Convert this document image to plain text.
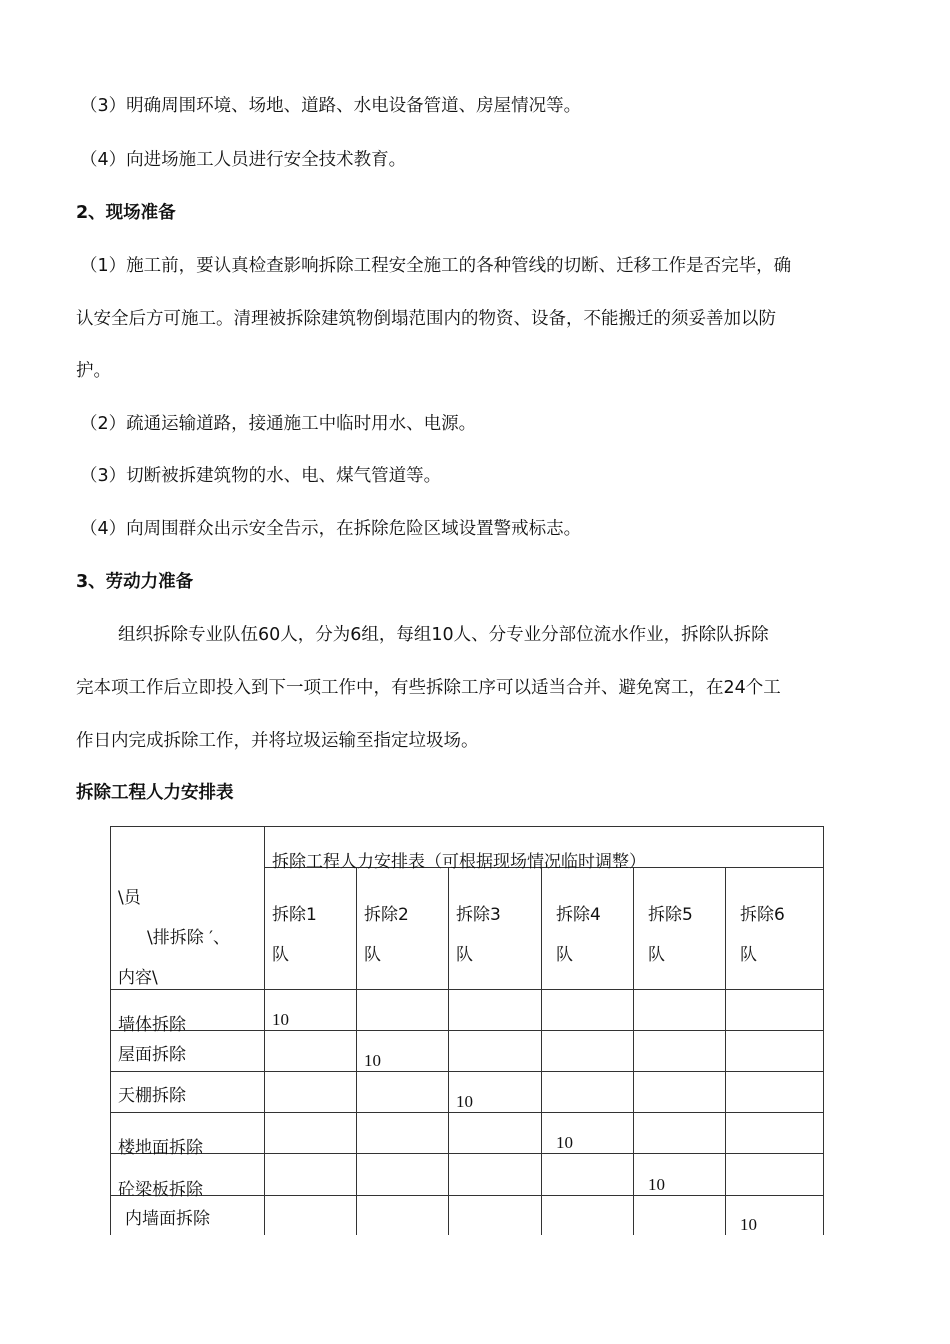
（3）明确周围环境、场地、道路、水电设备管道、房屋情况等。
（4）向进场施工人员进行安全技术教育。
2、现场准备
（1）施工前，要认真检查影响拆除工程安全施工的各种管线的切断、迁移工作是否完毕，确
认安全后方可施工。清理被拆除建筑物倒塌范围内的物资、设备，不能搬迁的须妥善加以防
护。
（2）疏通运输道路，接通施工中临时用水、电源。
（3）切断被拆建筑物的水、电、煤气管道等。
（4）向周围群众出示安全告示，在拆除危险区域设置警戒标志。
3、劳动力准备
组织拆除专业队伍60人，分为6组，每组10人、分专业分部位流水作业，拆除队拆除
完本项工作后立即投入到下一项工作中，有些拆除工序可以适当合并、避免窝工，在24个工
作日内完成拆除工作，并将垃圾运输至指定垃圾场。
拆除工程人力安排表
\员
\排拆除 ′、
内容\	拆除工程人力安排表（可根据现场情况临时调整）					

	拆除1
队	拆除2
队	拆除3
队	拆除4
队	拆除5
队	拆除6
队

墙体拆除	10					

屋面拆除		10				

天棚拆除			10			

楼地面拆除				10		

砼梁板拆除					10	

内墙面拆除						10
